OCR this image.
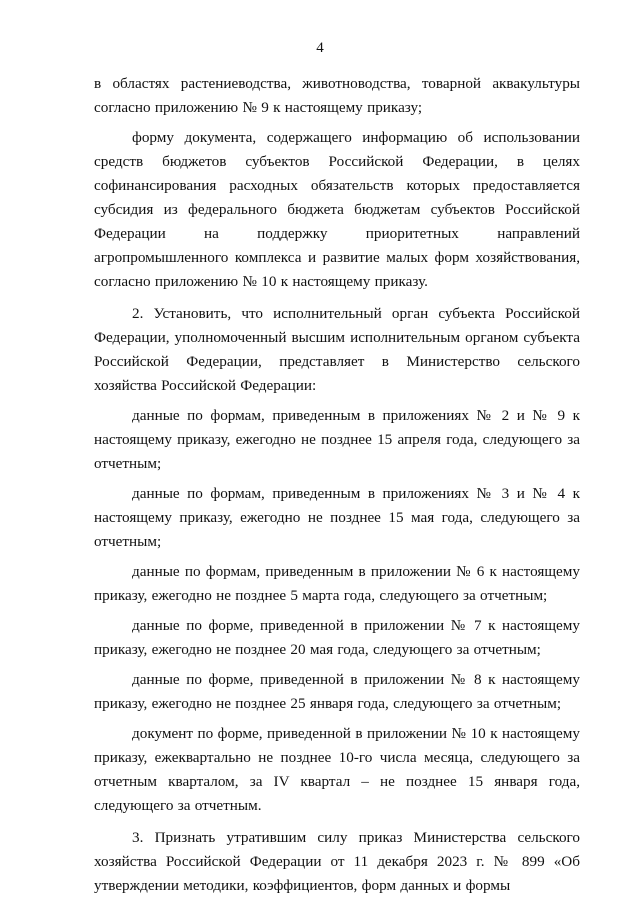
4

в областях растениеводства, животноводства, товарной аквакультуры согласно приложению № 9 к настоящему приказу;

форму документа, содержащего информацию об использовании средств бюджетов субъектов Российской Федерации, в целях софинансирования расходных обязательств которых предоставляется субсидия из федерального бюджета бюджетам субъектов Российской Федерации на поддержку приоритетных направлений агропромышленного комплекса и развитие малых форм хозяйствования, согласно приложению № 10 к настоящему приказу.

2. Установить, что исполнительный орган субъекта Российской Федерации, уполномоченный высшим исполнительным органом субъекта Российской Федерации, представляет в Министерство сельского хозяйства Российской Федерации:

данные по формам, приведенным в приложениях № 2 и № 9 к настоящему приказу, ежегодно не позднее 15 апреля года, следующего за отчетным;

данные по формам, приведенным в приложениях № 3 и № 4 к настоящему приказу, ежегодно не позднее 15 мая года, следующего за отчетным;

данные по формам, приведенным в приложении № 6 к настоящему приказу, ежегодно не позднее 5 марта года, следующего за отчетным;

данные по форме, приведенной в приложении № 7 к настоящему приказу, ежегодно не позднее 20 мая года, следующего за отчетным;

данные по форме, приведенной в приложении № 8 к настоящему приказу, ежегодно не позднее 25 января года, следующего за отчетным;

документ по форме, приведенной в приложении № 10 к настоящему приказу, ежеквартально не позднее 10-го числа месяца, следующего за отчетным кварталом, за IV квартал – не позднее 15 января года, следующего за отчетным.

3. Признать утратившим силу приказ Министерства сельского хозяйства Российской Федерации от 11 декабря 2023 г. № 899 «Об утверждении методики, коэффициентов, форм данных и формы
